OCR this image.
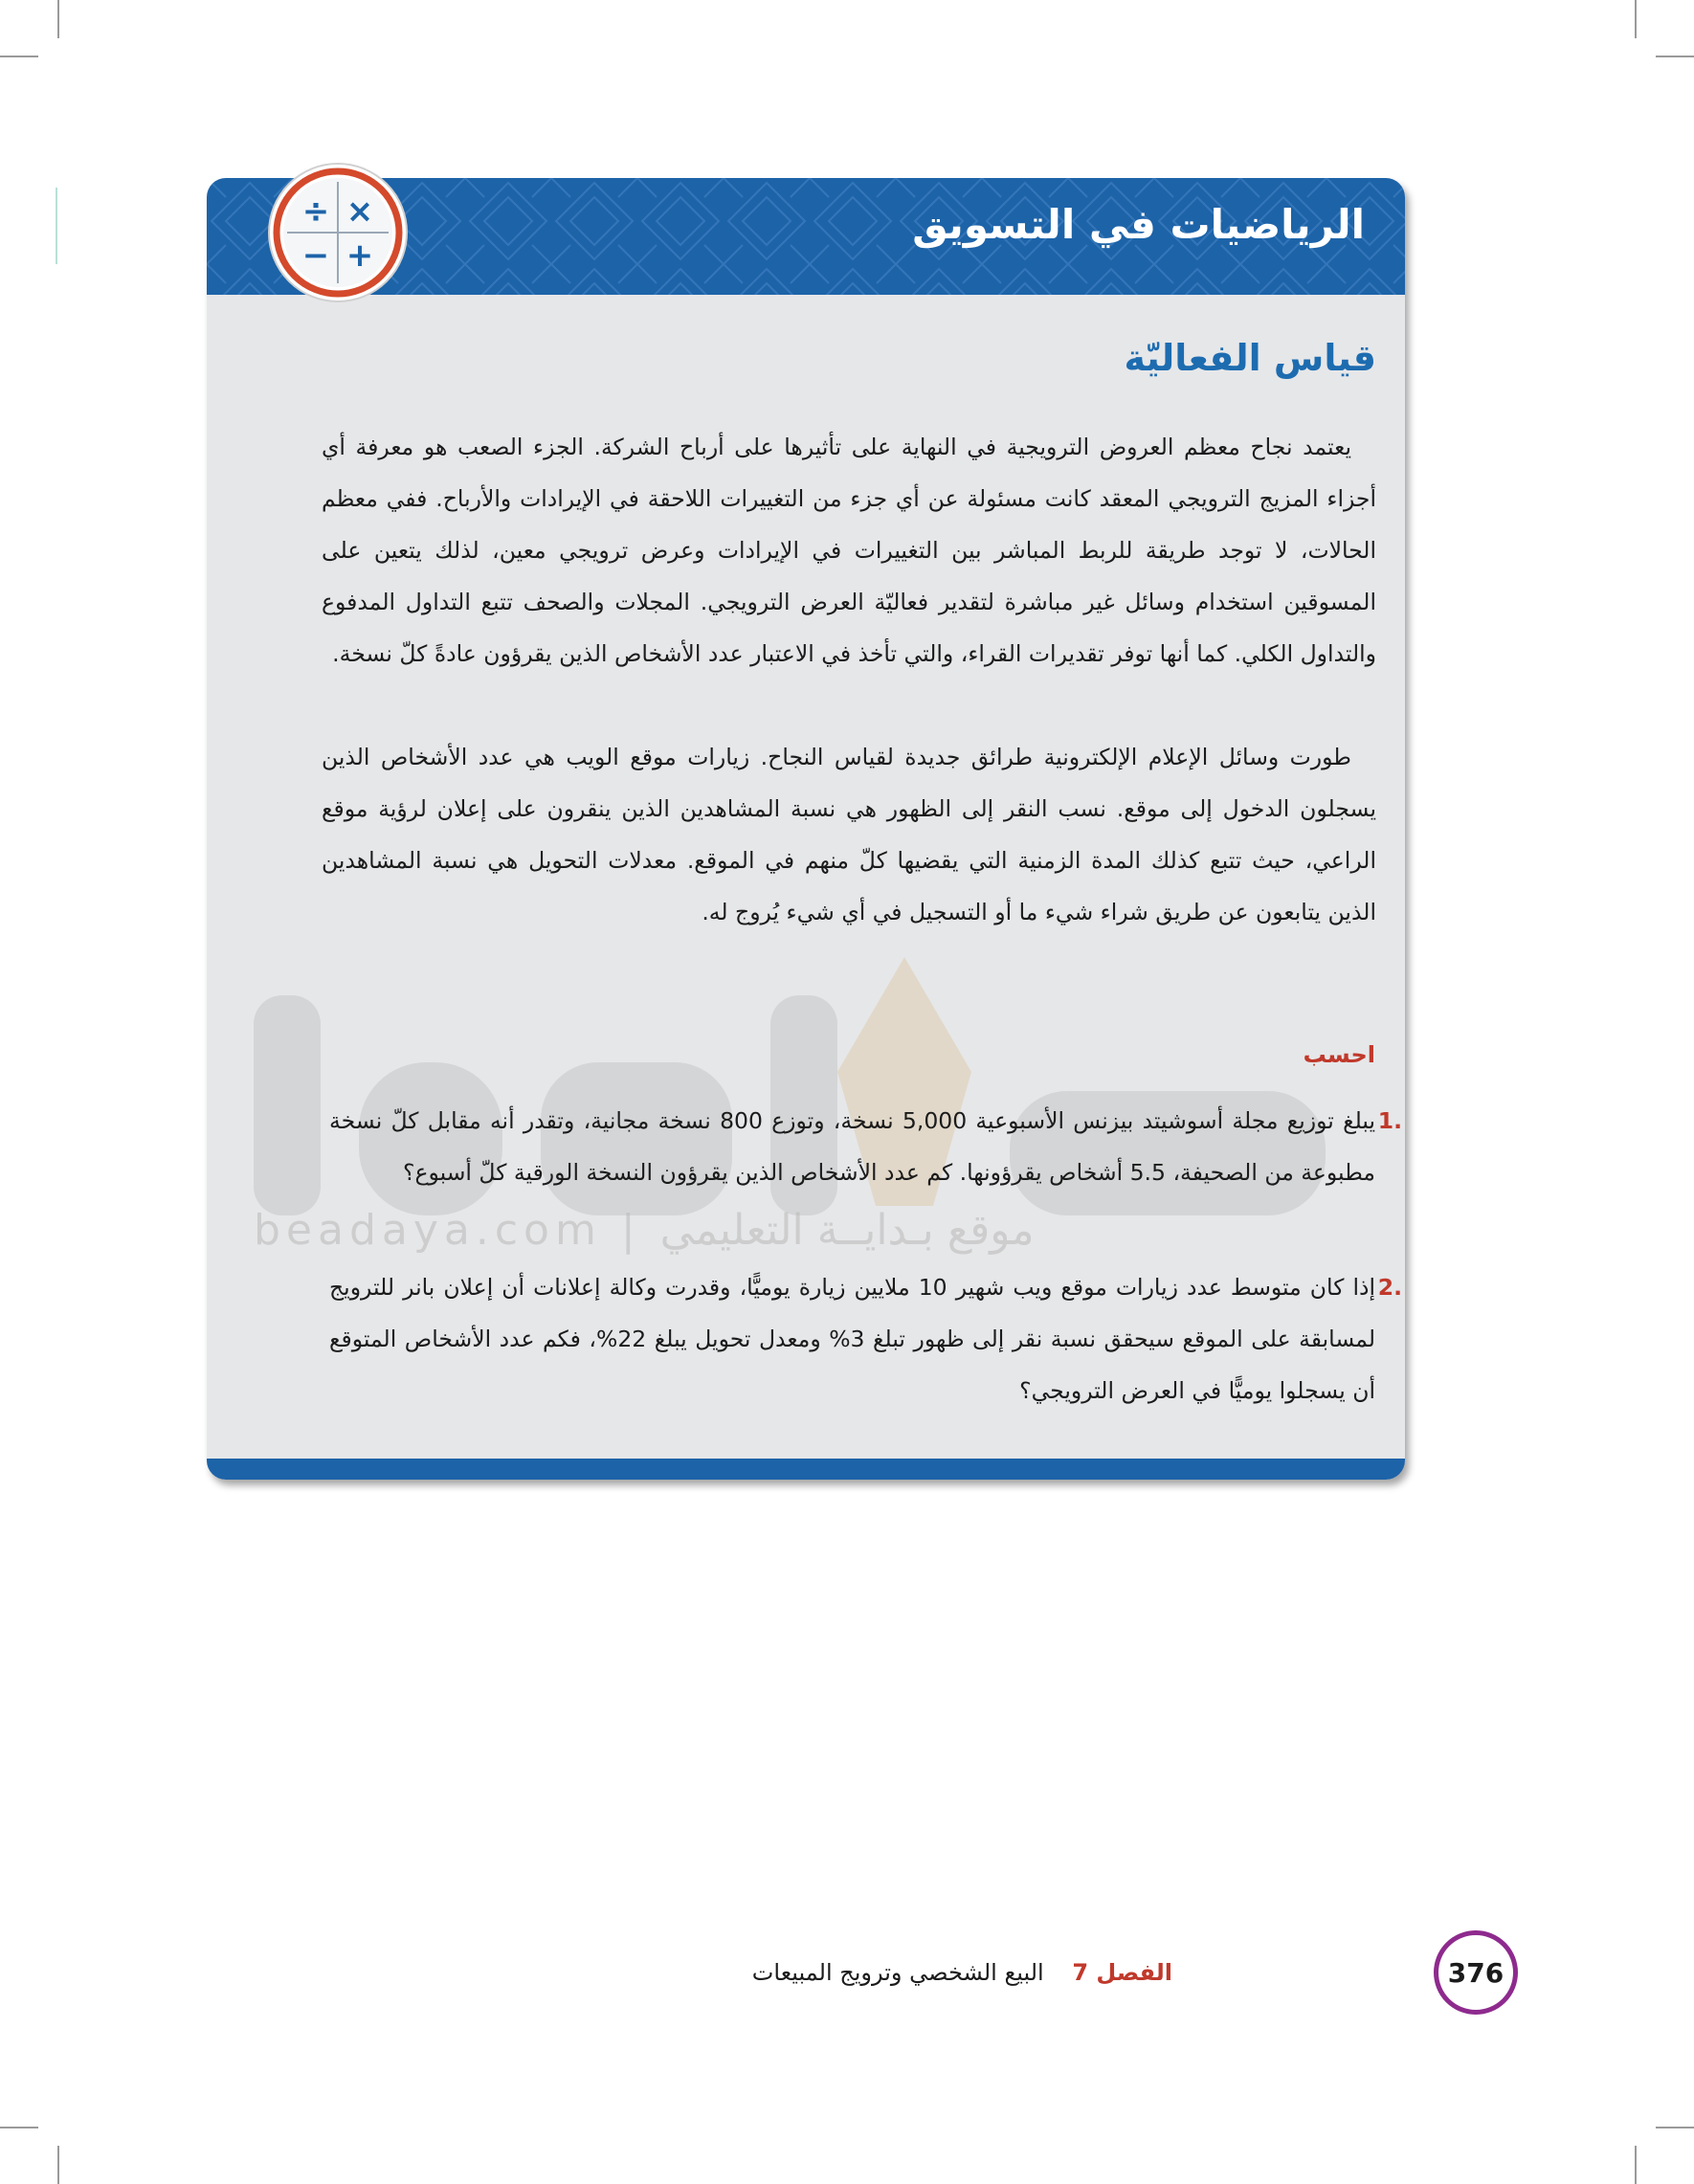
الرياضيات في التسويق
÷ ×
− +
beadaya.com | موقع بـدايــة التعليمي
قياس الفعاليّة

يعتمد نجاح معظم العروض الترويجية في النهاية على تأثيرها على أرباح الشركة. الجزء الصعب هو معرفة أي أجزاء المزيج الترويجي المعقد كانت مسئولة عن أي جزء من التغييرات اللاحقة في الإيرادات والأرباح. ففي معظم الحالات، لا توجد طريقة للربط المباشر بين التغييرات في الإيرادات وعرض ترويجي معين، لذلك يتعين على المسوقين استخدام وسائل غير مباشرة لتقدير فعاليّة العرض الترويجي. المجلات والصحف تتبع التداول المدفوع والتداول الكلي. كما أنها توفر تقديرات القراء، والتي تأخذ في الاعتبار عدد الأشخاص الذين يقرؤون عادةً كلّ نسخة.

طورت وسائل الإعلام الإلكترونية طرائق جديدة لقياس النجاح. زيارات موقع الويب هي عدد الأشخاص الذين يسجلون الدخول إلى موقع. نسب النقر إلى الظهور هي نسبة المشاهدين الذين ينقرون على إعلان لرؤية موقع الراعي، حيث تتبع كذلك المدة الزمنية التي يقضيها كلّ منهم في الموقع. معدلات التحويل هي نسبة المشاهدين الذين يتابعون عن طريق شراء شيء ما أو التسجيل في أي شيء يُروج له.

احسب
1.
يبلغ توزيع مجلة أسوشيتد بيزنس الأسبوعية 5,000 نسخة، وتوزع 800 نسخة مجانية، وتقدر أنه مقابل كلّ نسخة مطبوعة من الصحيفة، 5.5 أشخاص يقرؤونها. كم عدد الأشخاص الذين يقرؤون النسخة الورقية كلّ أسبوع؟
2.
إذا كان متوسط عدد زيارات موقع ويب شهير 10 ملايين زيارة يوميًّا، وقدرت وكالة إعلانات أن إعلان بانر للترويج لمسابقة على الموقع سيحقق نسبة نقر إلى ظهور تبلغ 3% ومعدل تحويل يبلغ 22%، فكم عدد الأشخاص المتوقع أن يسجلوا يوميًّا في العرض الترويجي؟
376
الفصل 7 البيع الشخصي وترويج المبيعات
